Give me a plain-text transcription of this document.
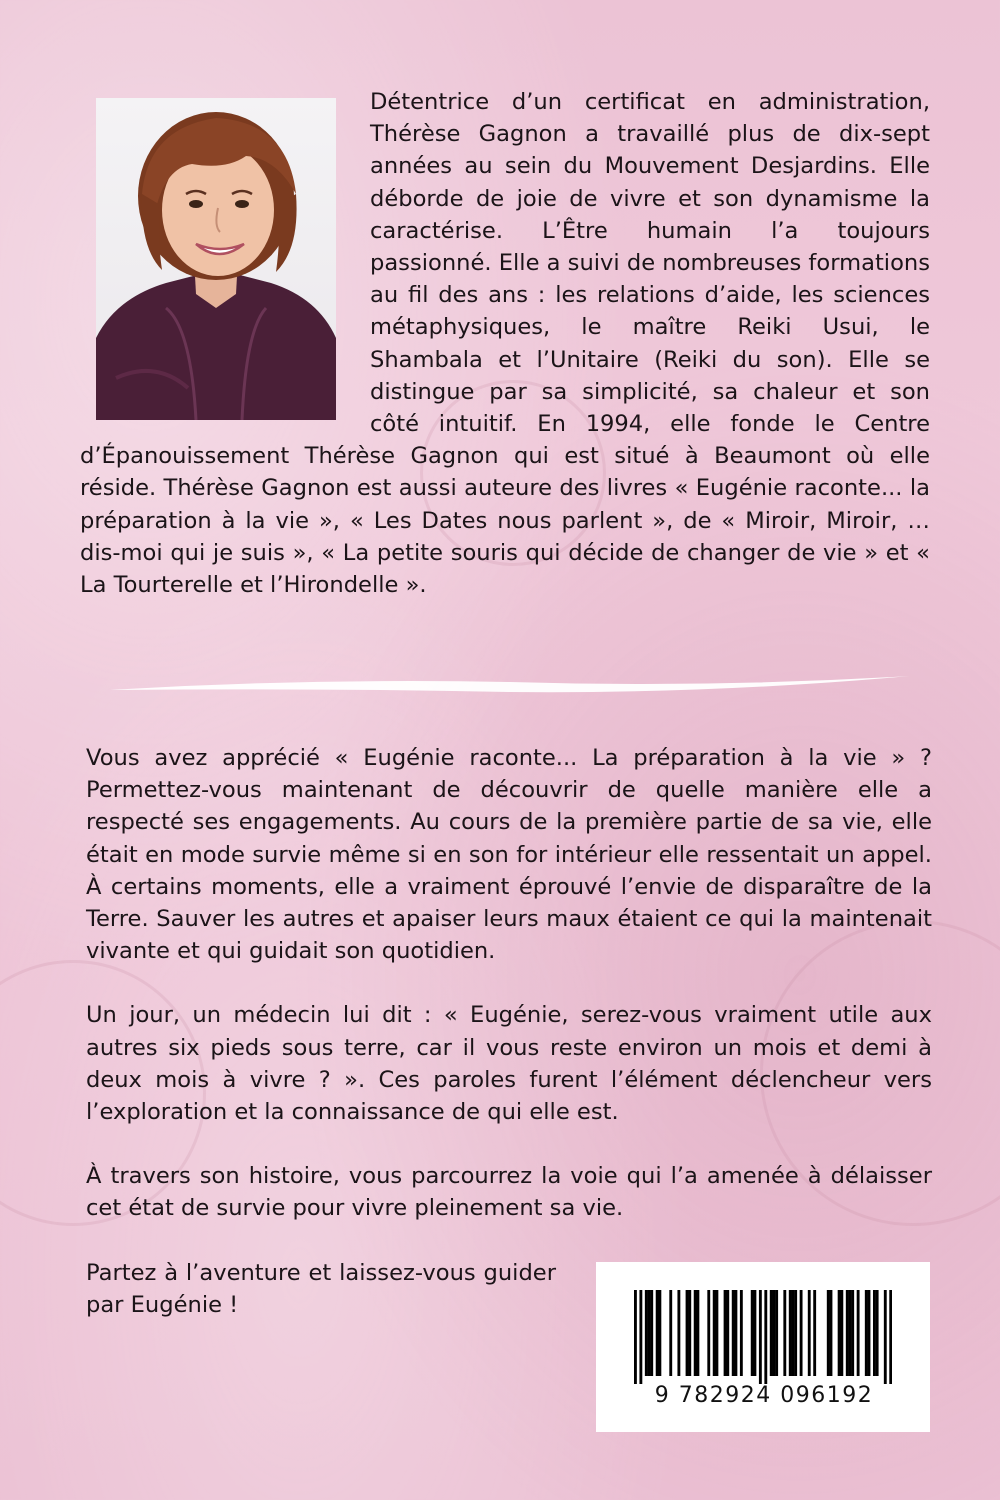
Détentrice d’un certificat en administration, Thérèse Gagnon a travaillé plus de dix-sept années au sein du Mouvement Desjardins. Elle déborde de joie de vivre et son dynamisme la caractérise. L’Être humain l’a toujours passionné. Elle a suivi de nombreuses formations au fil des ans : les relations d’aide, les sciences métaphysiques, le maître Reiki Usui, le Shambala et l’Unitaire (Reiki du son). Elle se distingue par sa simplicité, sa chaleur et son côté intuitif. En 1994, elle fonde le Centre d’Épanouissement Thérèse Gagnon qui est situé à Beaumont où elle réside. Thérèse Gagnon est aussi auteure des livres « Eugénie raconte... la préparation à la vie », « Les Dates nous parlent », de « Miroir, Miroir, … dis-moi qui je suis », « La petite souris qui décide de changer de vie » et « La Tourterelle et l’Hirondelle ».

Vous avez apprécié « Eugénie raconte... La préparation à la vie » ? Permettez-vous maintenant de découvrir de quelle manière elle a respecté ses engagements. Au cours de la première partie de sa vie, elle était en mode survie même si en son for intérieur elle ressentait un appel. À certains moments, elle a vraiment éprouvé l’envie de disparaître de la Terre. Sauver les autres et apaiser leurs maux étaient ce qui la maintenait vivante et qui guidait son quotidien.

Un jour, un médecin lui dit : « Eugénie, serez-vous vraiment utile aux autres six pieds sous terre, car il vous reste environ un mois et demi à deux mois à vivre ? ». Ces paroles furent l’élément déclencheur vers l’exploration et la connaissance de qui elle est.

À travers son histoire, vous parcourrez la voie qui l’a amenée à délaisser cet état de survie pour vivre pleinement sa vie.

Partez à l’aventure et laissez-vous guider par Eugénie !

9 782924 096192
